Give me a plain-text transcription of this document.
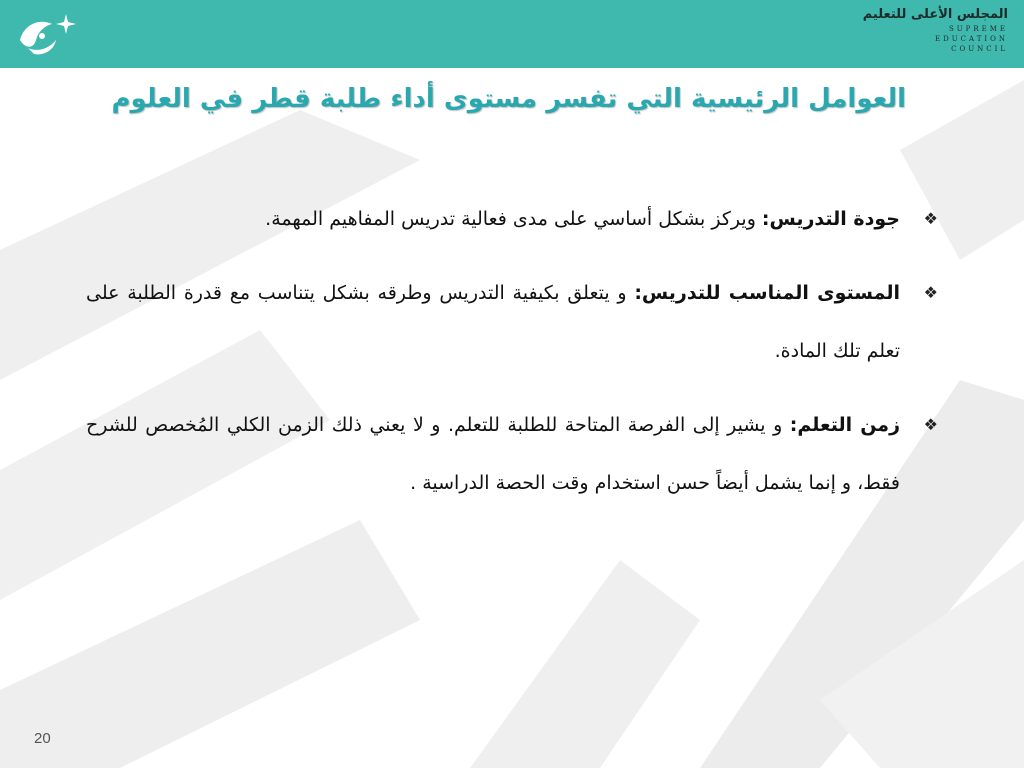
المجلس الأعلى للتعليم
SUPREME
EDUCATION
COUNCIL
العوامل الرئيسية التي تفسر مستوى أداء طلبة قطر في العلوم
❖
جودة التدريس: ويركز بشكل أساسي على مدى فعالية تدريس المفاهيم المهمة.
❖
المستوى المناسب للتدريس: و يتعلق بكيفية التدريس وطرقه بشكل يتناسب مع قدرة الطلبة على تعلم تلك المادة.
❖
زمن التعلم: و يشير إلى الفرصة المتاحة للطلبة للتعلم. و لا يعني ذلك الزمن الكلي المُخصص للشرح فقط، و إنما يشمل أيضاً حسن استخدام وقت الحصة الدراسية .
20
